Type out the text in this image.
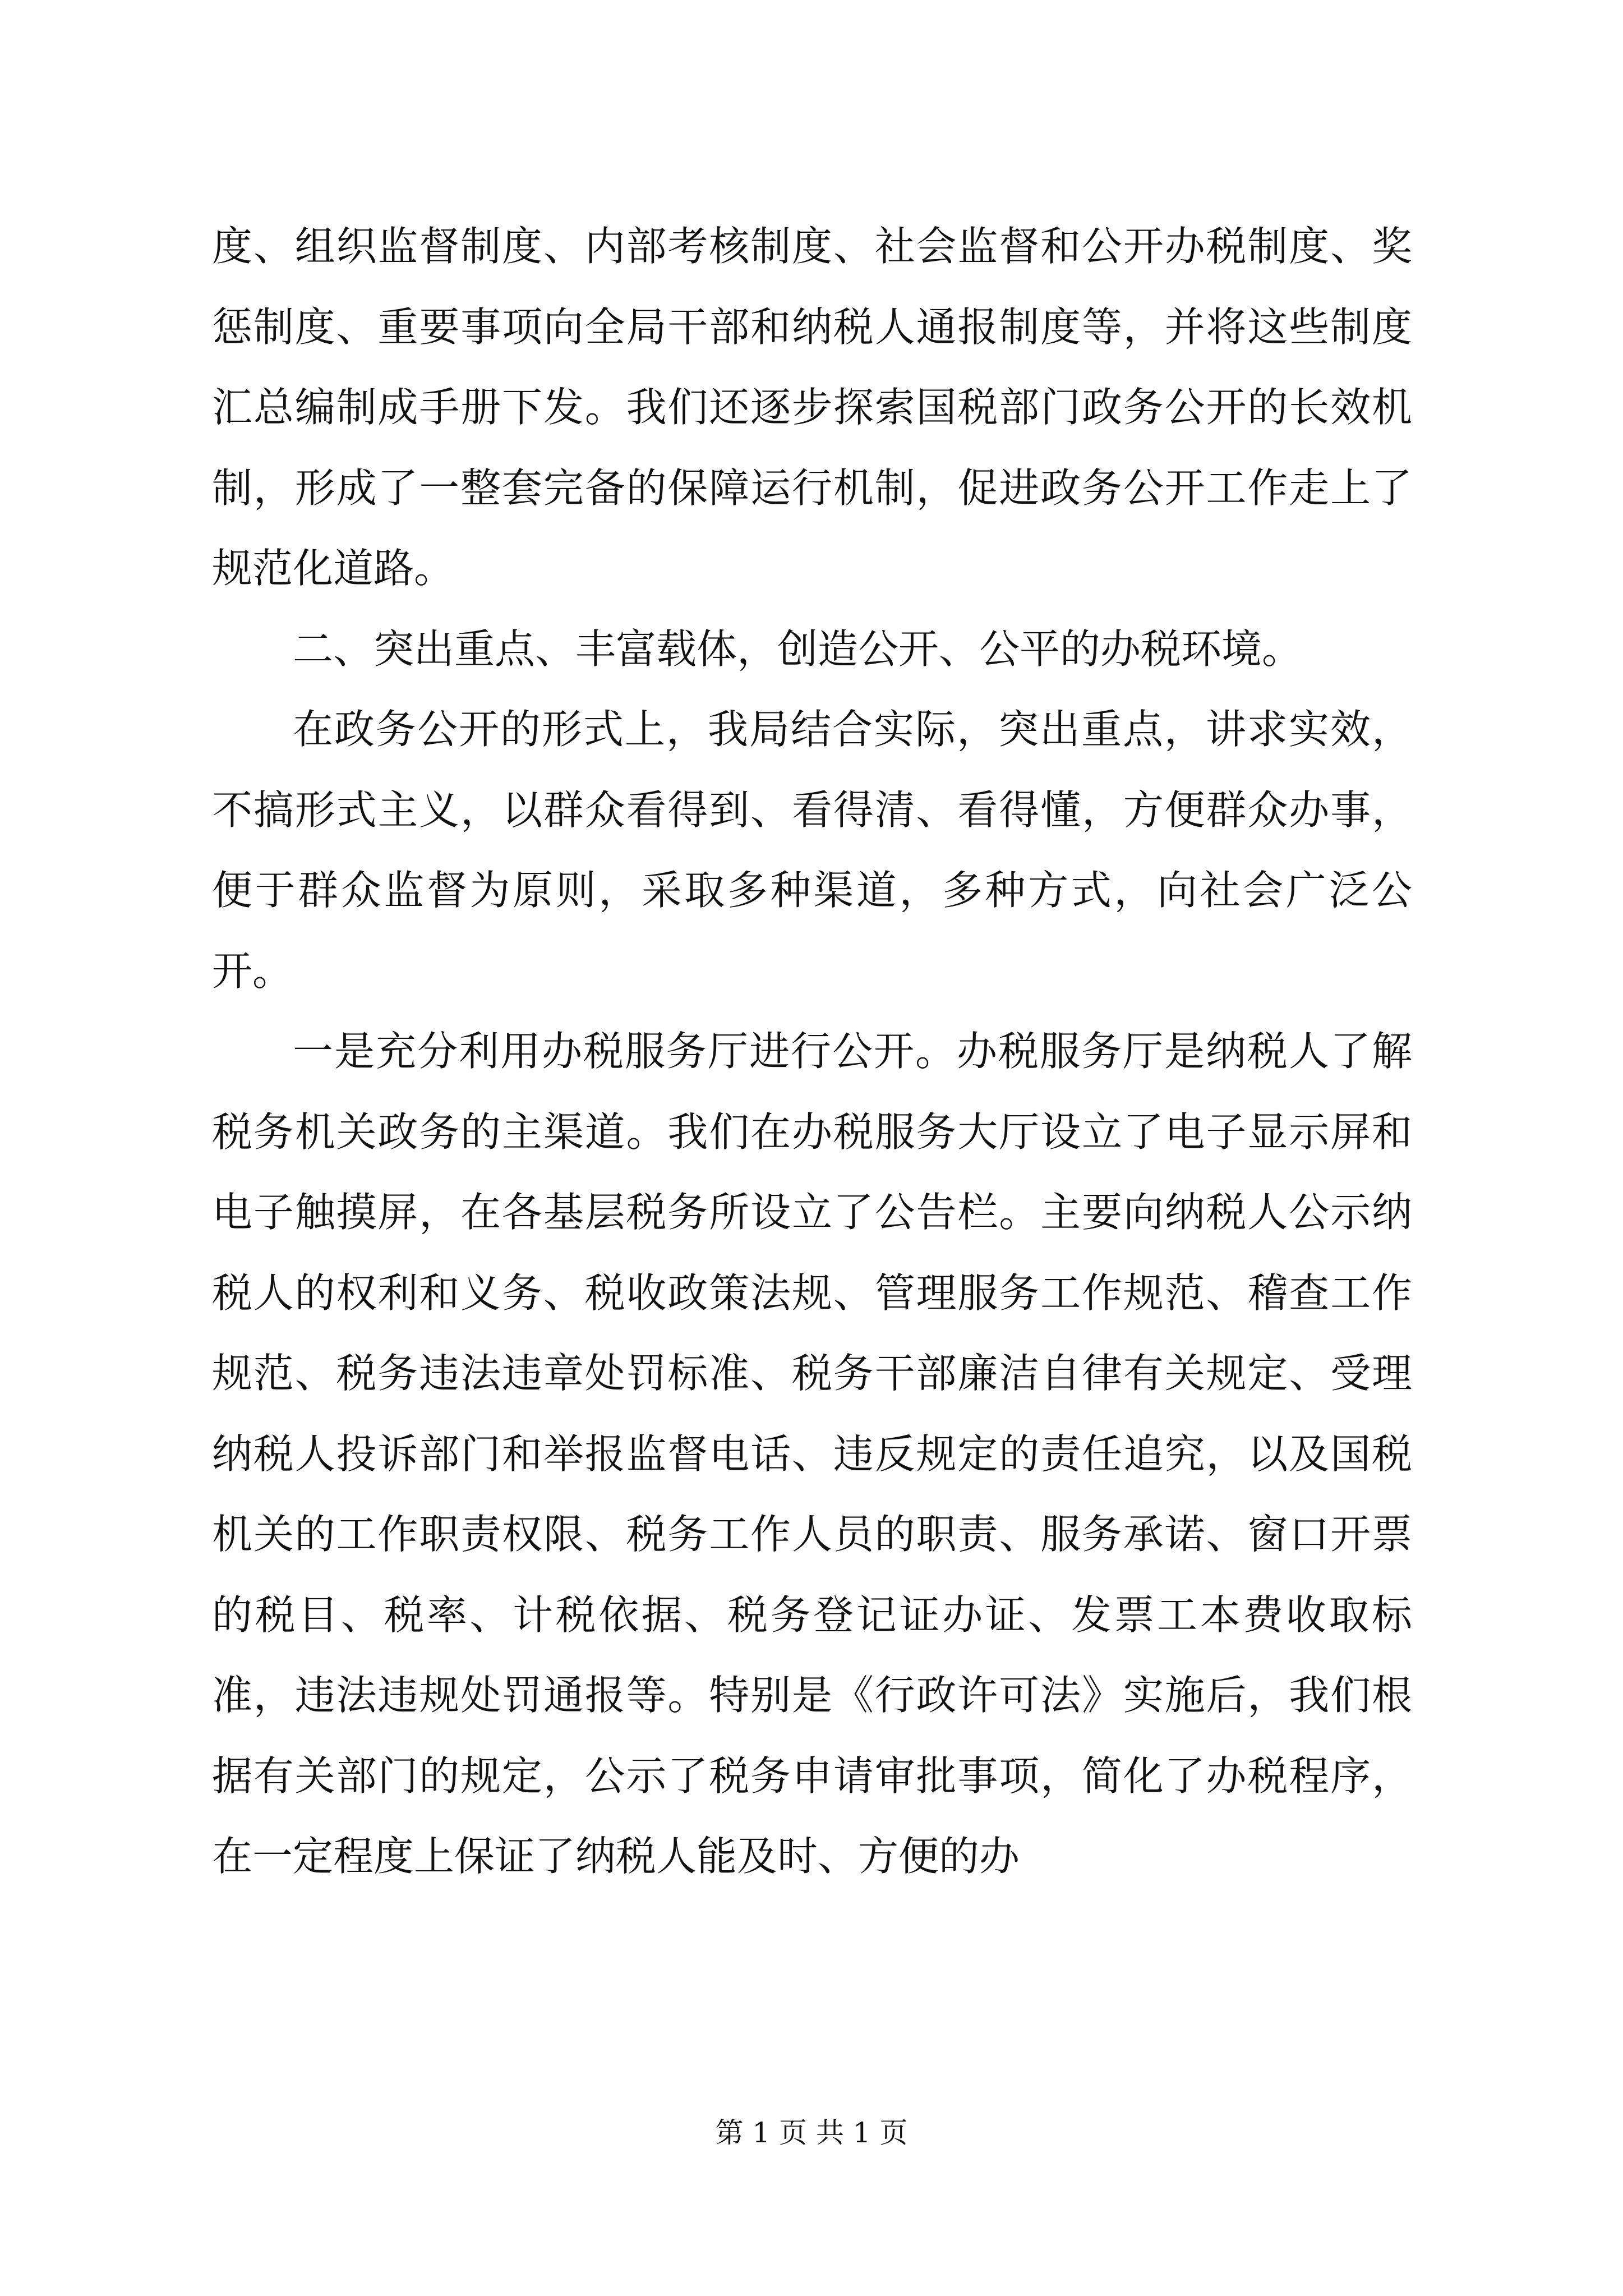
度、组织监督制度、内部考核制度、社会监督和公开办税制度、奖惩制度、重要事项向全局干部和纳税人通报制度等，并将这些制度汇总编制成手册下发。我们还逐步探索国税部门政务公开的长效机制，形成了一整套完备的保障运行机制，促进政务公开工作走上了规范化道路。

二、突出重点、丰富载体，创造公开、公平的办税环境。

在政务公开的形式上，我局结合实际，突出重点，讲求实效，不搞形式主义，以群众看得到、看得清、看得懂，方便群众办事，便于群众监督为原则，采取多种渠道，多种方式，向社会广泛公开。

一是充分利用办税服务厅进行公开。办税服务厅是纳税人了解税务机关政务的主渠道。我们在办税服务大厅设立了电子显示屏和电子触摸屏，在各基层税务所设立了公告栏。主要向纳税人公示纳税人的权利和义务、税收政策法规、管理服务工作规范、稽查工作规范、税务违法违章处罚标准、税务干部廉洁自律有关规定、受理纳税人投诉部门和举报监督电话、违反规定的责任追究，以及国税机关的工作职责权限、税务工作人员的职责、服务承诺、窗口开票的税目、税率、计税依据、税务登记证办证、发票工本费收取标准，违法违规处罚通报等。特别是《行政许可法》实施后，我们根据有关部门的规定，公示了税务申请审批事项，简化了办税程序，在一定程度上保证了纳税人能及时、方便的办

第 1 页 共 1 页
